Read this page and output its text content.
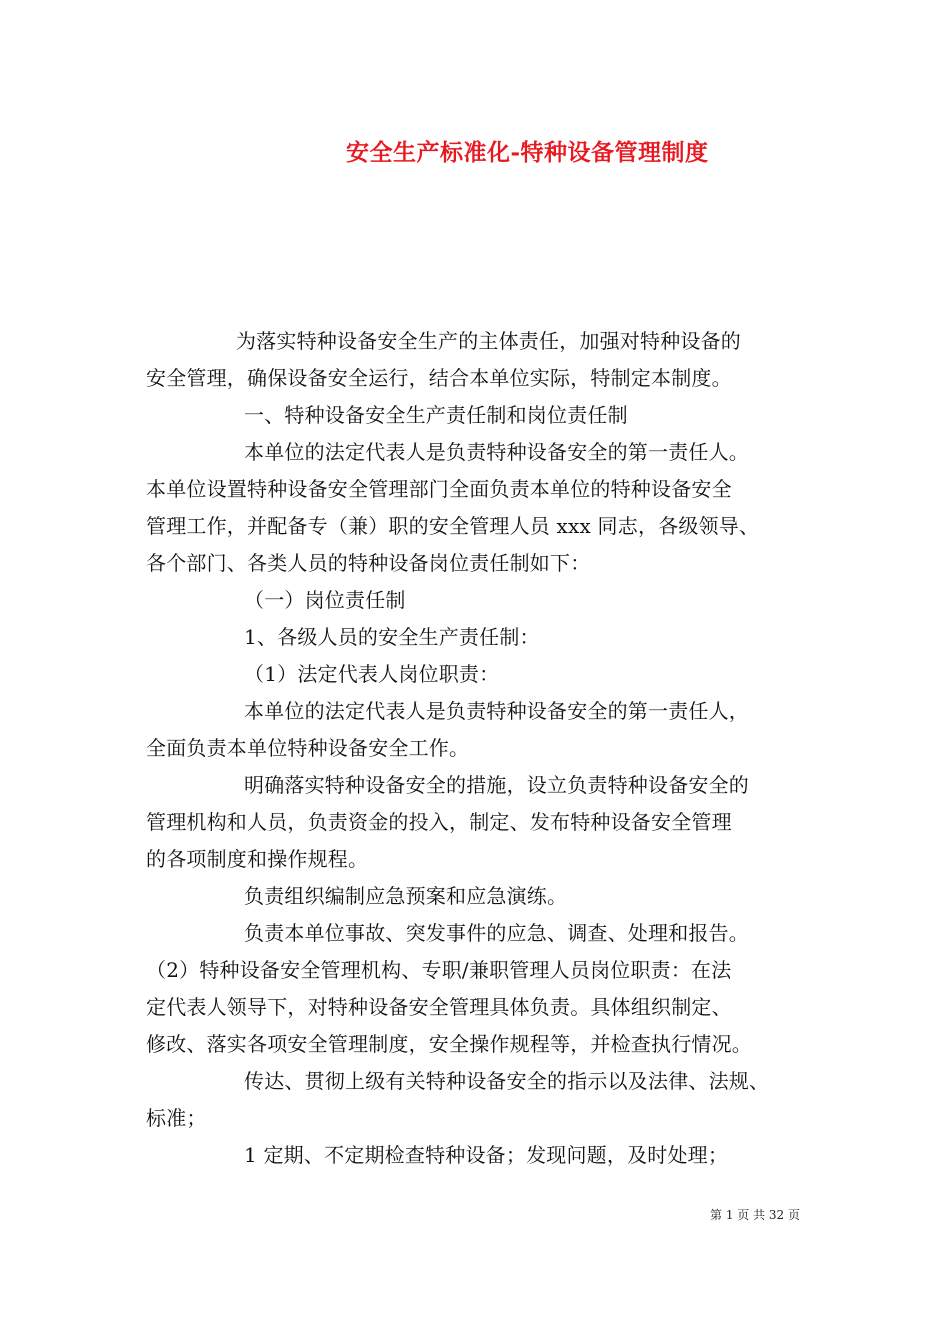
安全生产标准化-特种设备管理制度
为落实特种设备安全生产的主体责任，加强对特种设备的
安全管理，确保设备安全运行，结合本单位实际，特制定本制度。
一、特种设备安全生产责任制和岗位责任制
本单位的法定代表人是负责特种设备安全的第一责任人。
本单位设置特种设备安全管理部门全面负责本单位的特种设备安全
管理工作，并配备专（兼）职的安全管理人员 xxx 同志，各级领导、
各个部门、各类人员的特种设备岗位责任制如下：
（一）岗位责任制
1、各级人员的安全生产责任制：
（1）法定代表人岗位职责：
本单位的法定代表人是负责特种设备安全的第一责任人，
全面负责本单位特种设备安全工作。
明确落实特种设备安全的措施，设立负责特种设备安全的
管理机构和人员，负责资金的投入，制定、发布特种设备安全管理
的各项制度和操作规程。
负责组织编制应急预案和应急演练。
负责本单位事故、突发事件的应急、调查、处理和报告。
（2）特种设备安全管理机构、专职/兼职管理人员岗位职责：在法
定代表人领导下，对特种设备安全管理具体负责。具体组织制定、
修改、落实各项安全管理制度，安全操作规程等，并检查执行情况。
传达、贯彻上级有关特种设备安全的指示以及法律、法规、
标准；
1 定期、不定期检查特种设备；发现问题，及时处理；
第 1 页 共 32 页
